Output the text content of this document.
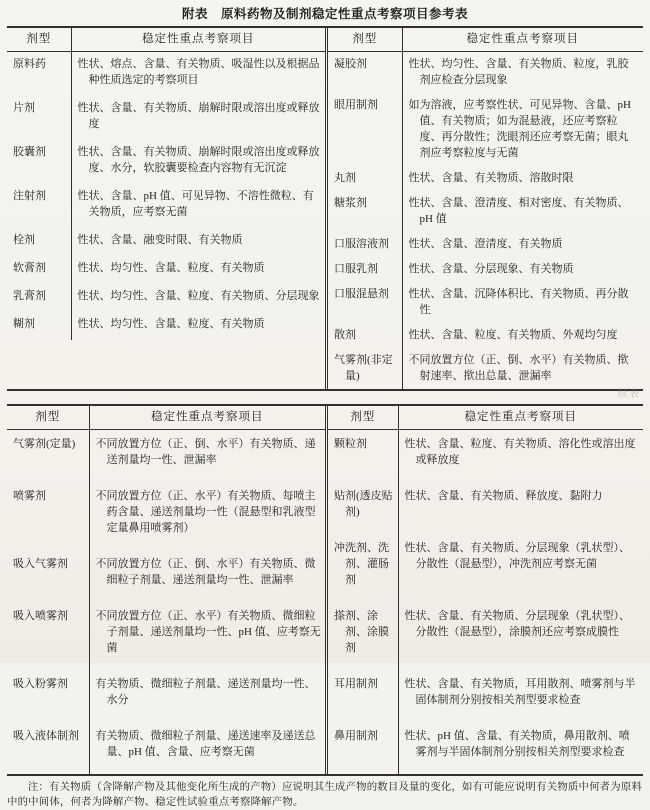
附表　原料药物及制剂稳定性重点考察项目参考表
剂型	稳定性重点考察项目

原料药	性状、熔点、含量、有关物质、吸湿性以及根据品种性质选定的考察项目

片剂	性状、含量、有关物质、崩解时限或溶出度或释放度

胶囊剂	性状、含量、有关物质、崩解时限或溶出度或释放度、水分，软胶囊要检查内容物有无沉淀

注射剂	性状、含量、pH 值、可见异物、不溶性微粒、有关物质，应考察无菌

栓剂	性状、含量、融变时限、有关物质

软膏剂	性状、均匀性、含量、粒度、有关物质

乳膏剂	性状、均匀性、含量、粒度、有关物质、分层现象

糊剂	性状、均匀性、含量、粒度、有关物质
剂型	稳定性重点考察项目

凝胶剂	性状、均匀性、含量、有关物质、粒度，乳胶剂应检查分层现象

眼用制剂	如为溶液，应考察性状、可见异物、含量、pH 值、有关物质；如为混悬液，还应考察粒度、再分散性；洗眼剂还应考察无菌；眼丸剂应考察粒度与无菌

丸剂	性状、含量、有关物质、溶散时限

糖浆剂	性状、含量、澄清度、相对密度、有关物质、pH 值

口服溶液剂	性状、含量、澄清度、有关物质

口服乳剂	性状、含量、分层现象、有关物质

口服混悬剂	性状、含量、沉降体积比、有关物质、再分散性

散剂	性状、含量、粒度、有关物质、外观均匀度

气雾剂(非定量)	不同放置方位（正、倒、水平）有关物质、揿射速率、揿出总量、泄漏率
续表
剂型	稳定性重点考察项目

气雾剂(定量)	不同放置方位（正、倒、水平）有关物质、递送剂量均一性、泄漏率

喷雾剂	不同放置方位（正、水平）有关物质、每喷主药含量、递送剂量均一性（混悬型和乳液型定量鼻用喷雾剂）

吸入气雾剂	不同放置方位（正、倒、水平）有关物质、微细粒子剂量、递送剂量均一性、泄漏率

吸入喷雾剂	不同放置方位（正、水平）有关物质、微细粒子剂量、递送剂量均一性、pH 值、应考察无菌

吸入粉雾剂	有关物质、微细粒子剂量、递送剂量均一性、水分

吸入液体制剂	有关物质、微细粒子剂量、递送速率及递送总量、pH 值、含量、应考察无菌
剂型	稳定性重点考察项目

颗粒剂	性状、含量、粒度、有关物质、溶化性或溶出度或释放度

贴剂(透皮贴剂)	性状、含量、有关物质、释放度、黏附力

冲洗剂、洗剂、灌肠剂	性状、含量、有关物质、分层现象（乳状型）、分散性（混悬型），冲洗剂应考察无菌

搽剂、涂剂、涂膜剂	性状、含量、有关物质、分层现象（乳状型）、分散性（混悬型），涂膜剂还应考察成膜性

耳用制剂	性状、含量、有关物质，耳用散剂、喷雾剂与半固体制剂分别按相关剂型要求检查

鼻用制剂	性状、pH 值、含量、有关物质，鼻用散剂、喷雾剂与半固体制剂分别按相关剂型要求检查
注：有关物质（含降解产物及其他变化所生成的产物）应说明其生成产物的数目及量的变化，如有可能应说明有关物质中何者为原料中的中间体，何者为降解产物、稳定性试验重点考察降解产物。
